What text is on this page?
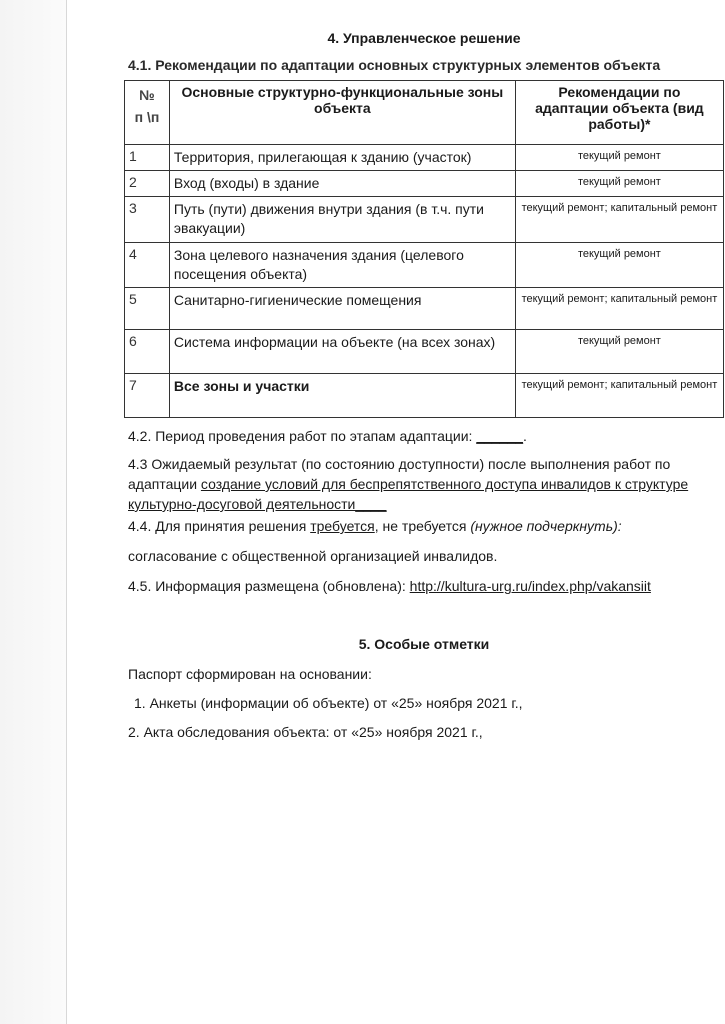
4. Управленческое решение
4.1. Рекомендации по адаптации основных структурных элементов объекта
№
п \п	Основные структурно-функциональные зоны объекта	Рекомендации по адаптации объекта (вид работы)*
1	Территория, прилегающая к зданию (участок)	текущий ремонт
2	Вход (входы) в здание	текущий ремонт
3	Путь (пути) движения внутри здания (в т.ч. пути эвакуации)	текущий ремонт; капитальный ремонт
4	Зона целевого назначения здания (целевого посещения объекта)	текущий ремонт
5	Санитарно-гигиенические помещения	текущий ремонт; капитальный ремонт
6	Система информации на объекте (на всех зонах)	текущий ремонт
7	Все зоны и участки	текущий ремонт; капитальный ремонт
4.2. Период проведения работ по этапам адаптации: ______.
4.3 Ожидаемый результат (по состоянию доступности) после выполнения работ по адаптации создание условий для беспрепятственного доступа инвалидов к структуре культурно-досуговой деятельности____
4.4. Для принятия решения требуется, не требуется (нужное подчеркнуть):
согласование с общественной организацией инвалидов.
4.5. Информация размещена (обновлена): http://kultura-urg.ru/index.php/vakansiit
5. Особые отметки
Паспорт сформирован на основании:
1. Анкеты (информации об объекте) от «25» ноября 2021 г.,
2. Акта обследования объекта: от «25» ноября 2021 г.,
